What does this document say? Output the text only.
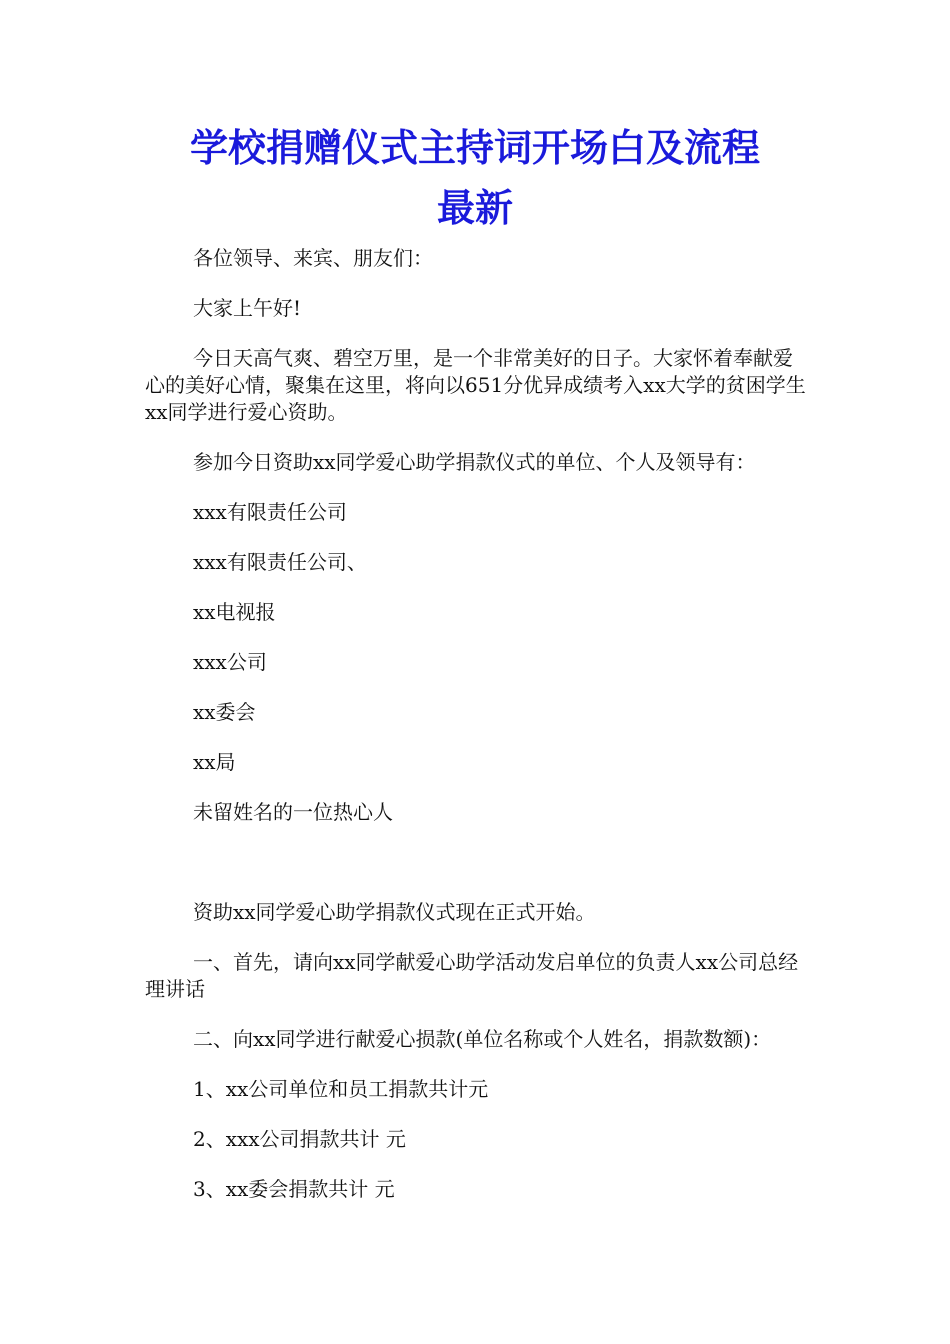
学校捐赠仪式主持词开场白及流程
最新

各位领导、来宾、朋友们：

大家上午好!

今日天高气爽、碧空万里，是一个非常美好的日子。大家怀着奉献爱心的美好心情，聚集在这里，将向以651分优异成绩考入xx大学的贫困学生xx同学进行爱心资助。

参加今日资助xx同学爱心助学捐款仪式的单位、个人及领导有：

xxx有限责任公司

xxx有限责任公司、

xx电视报

xxx公司

xx委会

xx局

未留姓名的一位热心人

资助xx同学爱心助学捐款仪式现在正式开始。

一、首先，请向xx同学献爱心助学活动发启单位的负责人xx公司总经理讲话

二、向xx同学进行献爱心损款(单位名称或个人姓名，捐款数额)：

1、xx公司单位和员工捐款共计元

2、xxx公司捐款共计 元

3、xx委会捐款共计 元
